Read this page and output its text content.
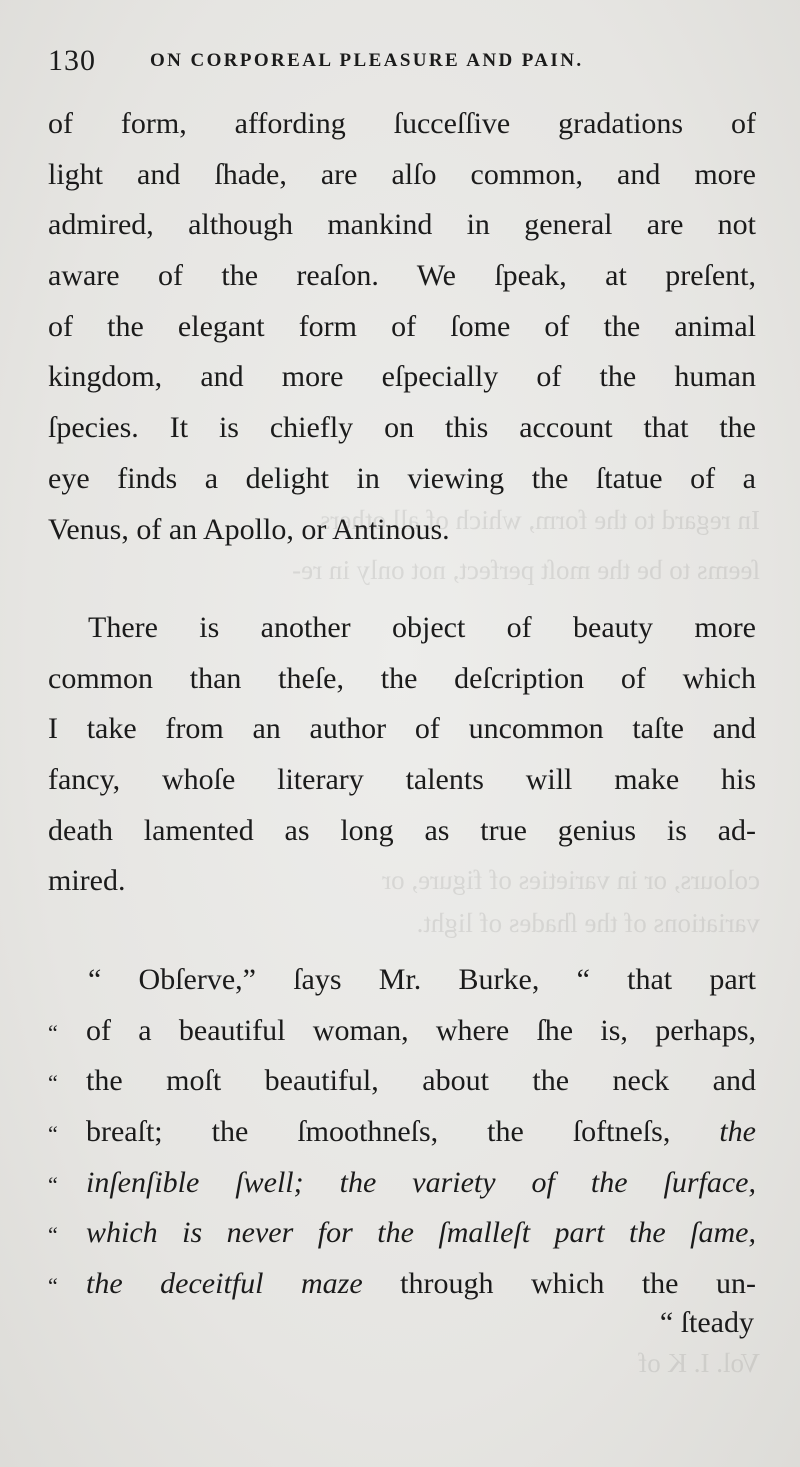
In regard to the form, which of all others
ſeems to be the moſt perfect, not only in re-
colours, or in varieties of figure, or
variations of the ſhades of light.
Vol. I. K of
130	ON CORPOREAL PLEASURE AND PAIN.
of form, affording ſucceſſive gradations of
light and ſhade, are alſo common, and more
admired, although mankind in general are not
aware of the reaſon. We ſpeak, at preſent,
of the elegant form of ſome of the animal
kingdom, and more eſpecially of the human
ſpecies. It is chiefly on this account that the
eye finds a delight in viewing the ſtatue of a
Venus, of an Apollo, or Antinous.
There is another object of beauty more
common than theſe, the deſcription of which
I take from an author of uncommon taſte and
fancy, whoſe literary talents will make his
death lamented as long as true genius is ad-
mired.
“ Obſerve,” ſays Mr. Burke, “ that part
“ of a beautiful woman, where ſhe is, perhaps,
“ the moſt beautiful, about the neck and
“ breaſt; the ſmoothneſs, the ſoftneſs, the
“ inſenſible ſwell; the variety of the ſurface,
“ which is never for the ſmalleſt part the ſame,
“ the deceitful maze through which the un-
“ ſteady
